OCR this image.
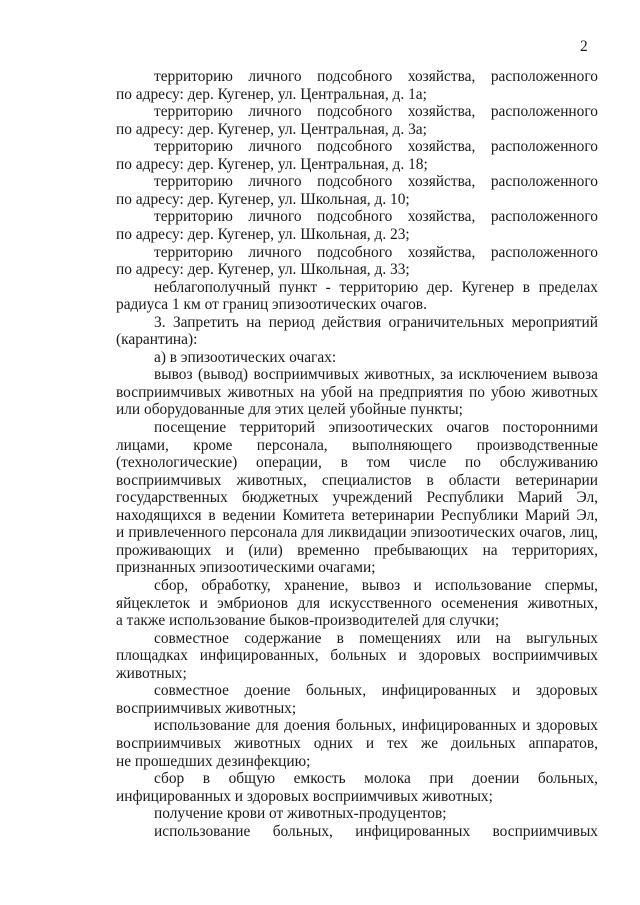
2
территорию личного подсобного хозяйства, расположенного
по адресу: дер. Кугенер, ул. Центральная, д. 1а;
территорию личного подсобного хозяйства, расположенного
по адресу: дер. Кугенер, ул. Центральная, д. 3а;
территорию личного подсобного хозяйства, расположенного
по адресу: дер. Кугенер, ул. Центральная, д. 18;
территорию личного подсобного хозяйства, расположенного
по адресу: дер. Кугенер, ул. Школьная, д. 10;
территорию личного подсобного хозяйства, расположенного
по адресу: дер. Кугенер, ул. Школьная, д. 23;
территорию личного подсобного хозяйства, расположенного
по адресу: дер. Кугенер, ул. Школьная, д. 33;
неблагополучный пункт - территорию дер. Кугенер в пределах
радиуса 1 км от границ эпизоотических очагов.
3. Запретить на период действия ограничительных мероприятий
(карантина):
а) в эпизоотических очагах:
вывоз (вывод) восприимчивых животных, за исключением вывоза
восприимчивых животных на убой на предприятия по убою животных
или оборудованные для этих целей убойные пункты;
посещение территорий эпизоотических очагов посторонними
лицами, кроме персонала, выполняющего производственные
(технологические) операции, в том числе по обслуживанию
восприимчивых животных, специалистов в области ветеринарии
государственных бюджетных учреждений Республики Марий Эл,
находящихся в ведении Комитета ветеринарии Республики Марий Эл,
и привлеченного персонала для ликвидации эпизоотических очагов, лиц,
проживающих и (или) временно пребывающих на территориях,
признанных эпизоотическими очагами;
сбор, обработку, хранение, вывоз и использование спермы,
яйцеклеток и эмбрионов для искусственного осеменения животных,
а также использование быков-производителей для случки;
совместное содержание в помещениях или на выгульных
площадках инфицированных, больных и здоровых восприимчивых
животных;
совместное доение больных, инфицированных и здоровых
восприимчивых животных;
использование для доения больных, инфицированных и здоровых
восприимчивых животных одних и тех же доильных аппаратов,
не прошедших дезинфекцию;
сбор в общую емкость молока при доении больных,
инфицированных и здоровых восприимчивых животных;
получение крови от животных-продуцентов;
использование больных, инфицированных восприимчивых
